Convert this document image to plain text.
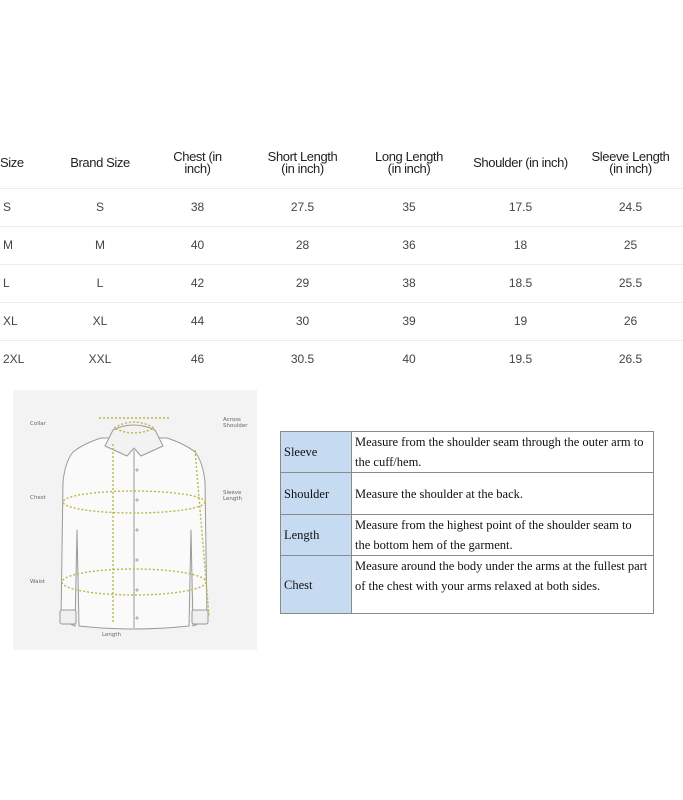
Size	Brand Size	Chest (in inch)	Short Length (in inch)	Long Length (in inch)	Shoulder (in inch)	Sleeve Length (in inch)
S	S	38	27.5	35	17.5	24.5
M	M	40	28	36	18	25
L	L	42	29	38	18.5	25.5
XL	XL	44	30	39	19	26
2XL	XXL	46	30.5	40	19.5	26.5
Collar
Across Shoulder
Chest
Sleeve Length
Waist
Length
Sleeve	Measure from the shoulder seam through the outer arm to the cuff/hem.
Shoulder	Measure the shoulder at the back.
Length	Measure from the highest point of the shoulder seam to the bottom hem of the garment.
Chest	Measure around the body under the arms at the fullest part of the chest with your arms relaxed at both sides.
